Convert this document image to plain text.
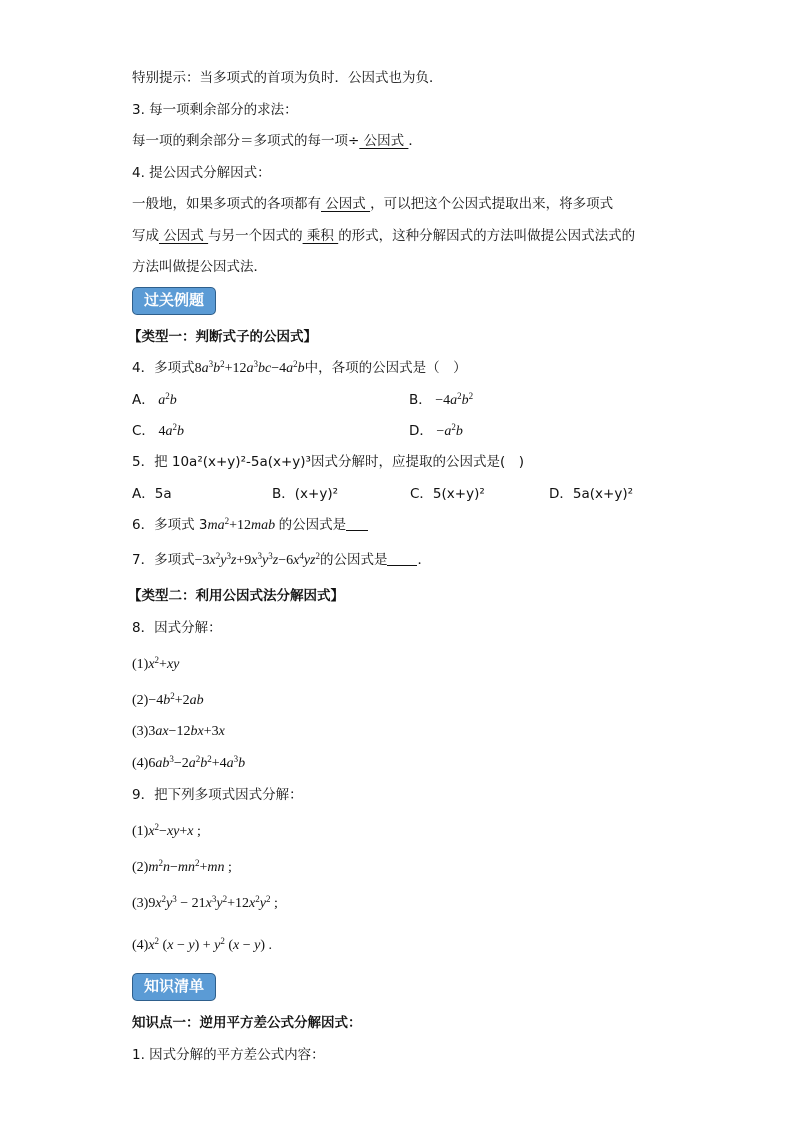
特别提示：当多项式的首项为负时．公因式也为负．
3. 每一项剩余部分的求法：
每一项的剩余部分＝多项式的每一项÷ 公因式 ．
4. 提公因式分解因式：
一般地，如果多项式的各项都有 公因式 ，可以把这个公因式提取出来，将多项式
写成 公因式 与另一个因式的 乘积 的形式，这种分解因式的方法叫做提公因式法式的
方法叫做提公因式法．
过关例题
【类型一：判断式子的公因式】
4．多项式$8a^3b^2+12a^3bc-4a^2b$中，各项的公因式是（　）
A． $a^2b$	B． $-4a^2b^2$
C． $4a^2b$	D． $-a^2b$
5．把 10a²(x+y)²-5a(x+y)³因式分解时，应提取的公因式是(　)
A．5a	B．(x+y)²	C．5(x+y)²	D．5a(x+y)²
6．多项式 $3ma^2+12mab$ 的公因式是
7．多项式$-3x^2y^3z+9x^3y^3z-6x^4yz^2$的公因式是 ．
【类型二：利用公因式法分解因式】
8．因式分解：
$(1)x^2+xy$
$(2)-4b^2+2ab$
(3)3ax−12bx+3x
$(4)6ab^3-2a^2b^2+4a^3b$
9．把下列多项式因式分解：
$(1)x^2-xy+x$ ;
$(2)m^2n-mn^2+mn$ ;
$(3)9x^2y^3 - 21x^3y^2+12x^2y^2$ ;
$(4)x^2$ $(x - y) + y^2$ (x − y) .
知识清单
知识点一：逆用平方差公式分解因式：
1. 因式分解的平方差公式内容：
